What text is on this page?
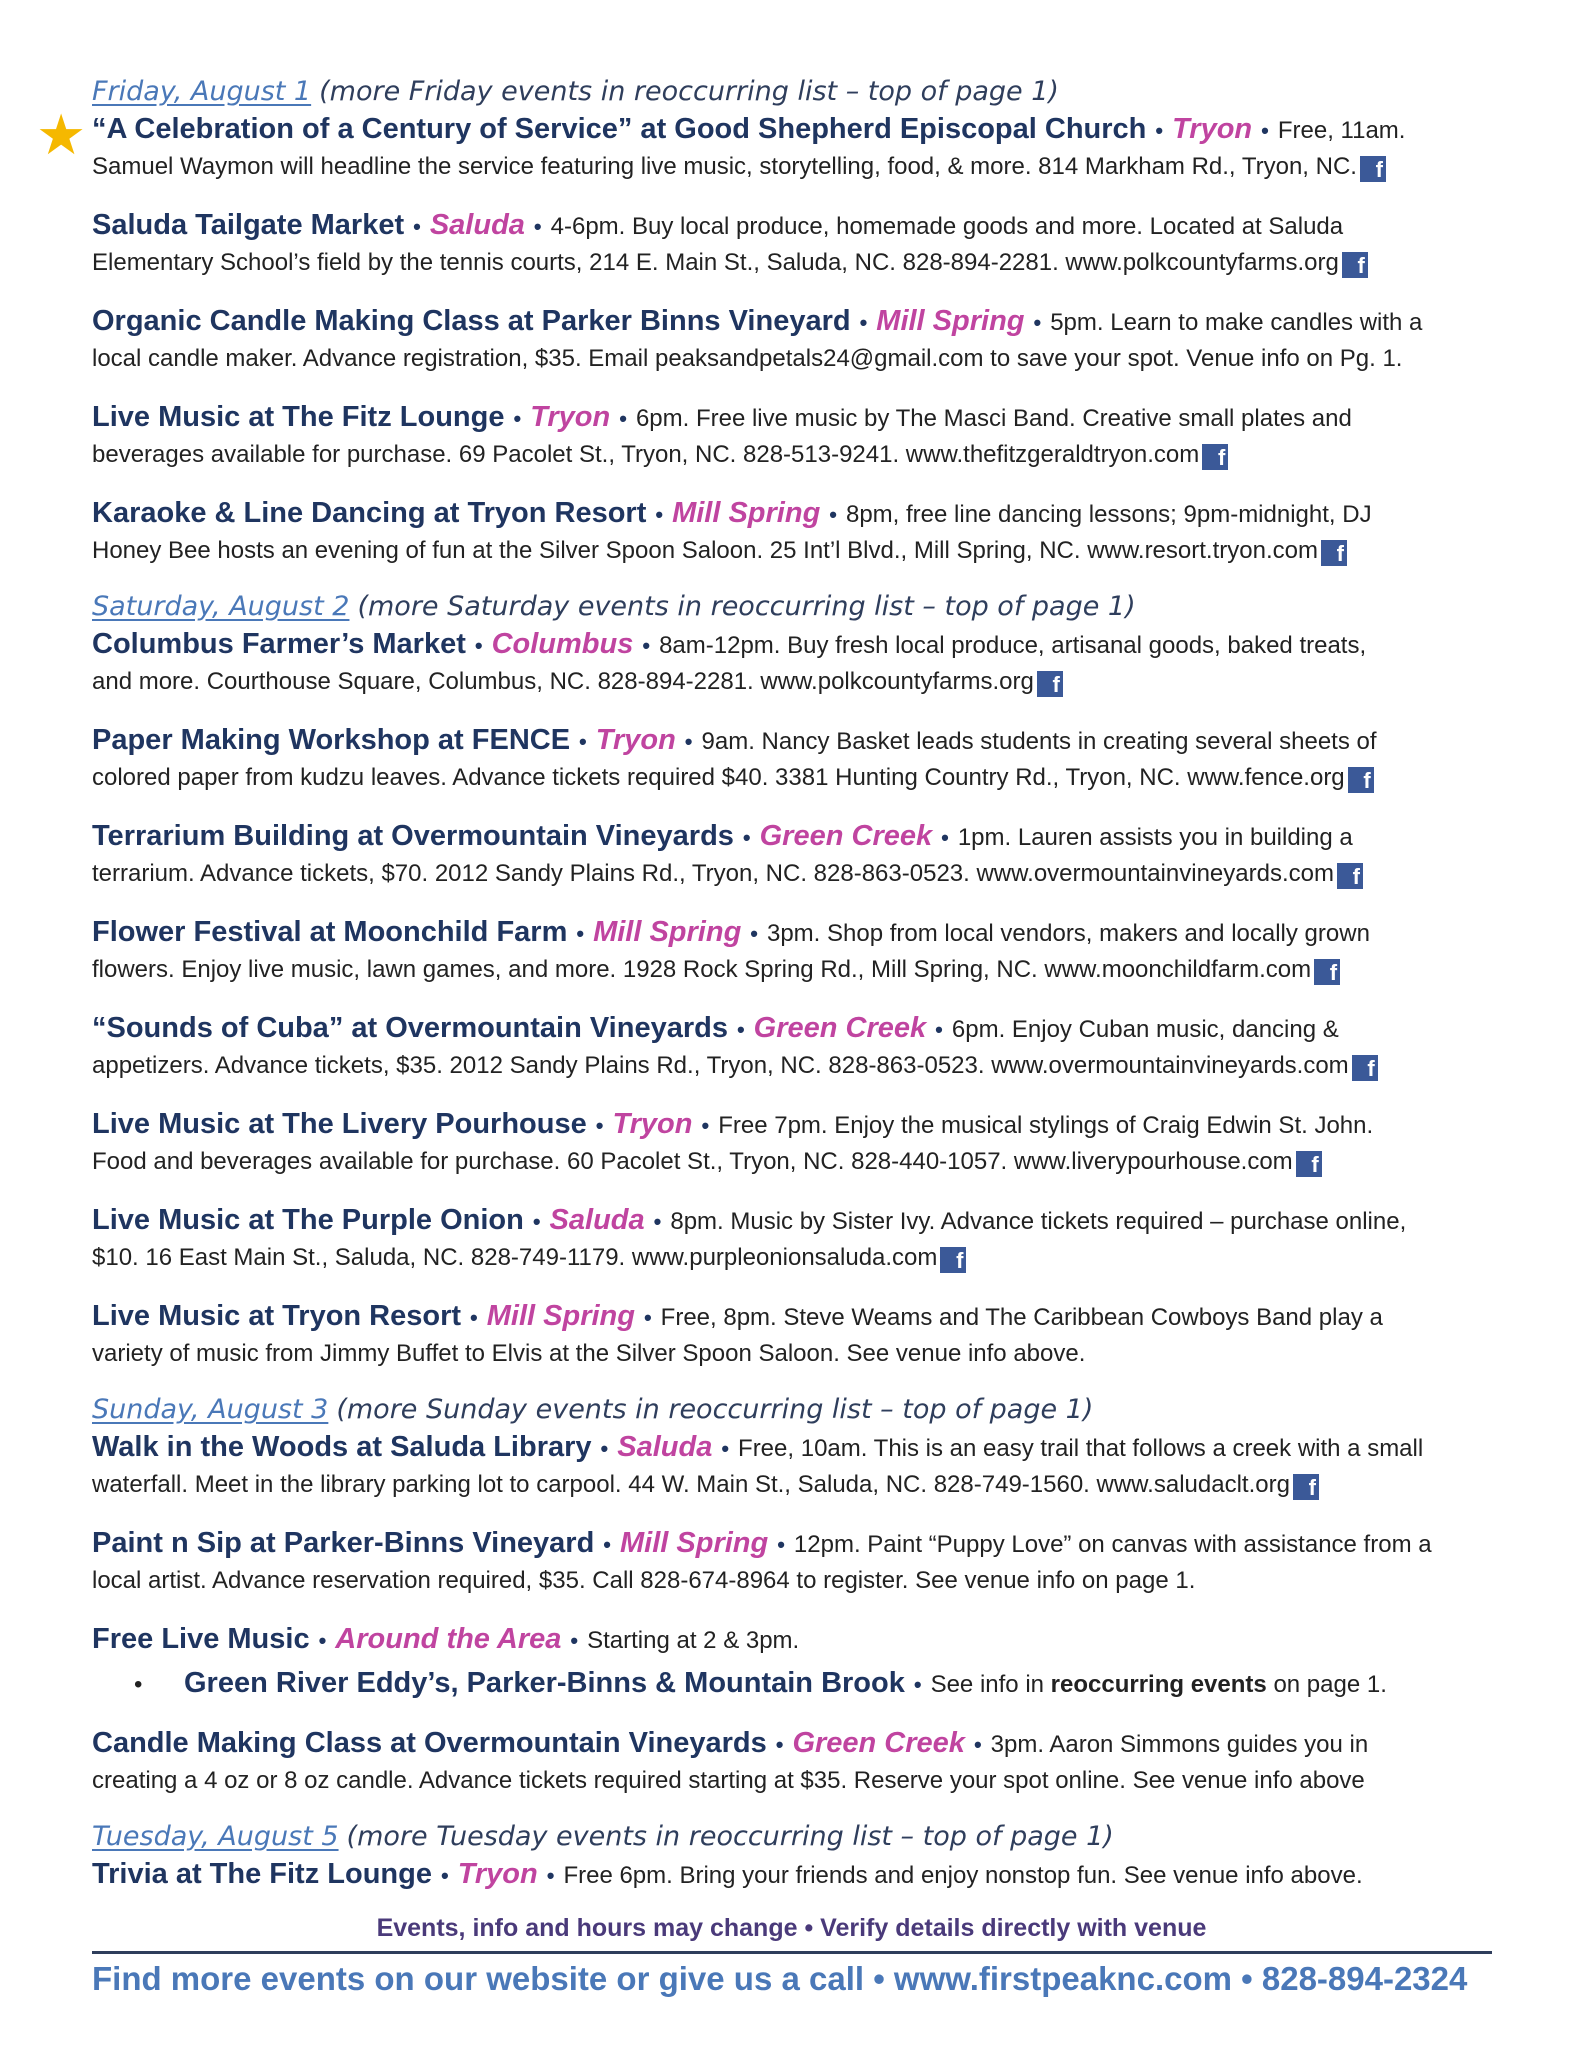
Friday, August 1 (more Friday events in reoccurring list – top of page 1)
★ “A Celebration of a Century of Service” at Good Shepherd Episcopal Church • Tryon • Free, 11am.
Samuel Waymon will headline the service featuring live music, storytelling, food, & more. 814 Markham Rd., Tryon, NC. f
Saluda Tailgate Market • Saluda • 4-6pm. Buy local produce, homemade goods and more. Located at Saluda
Elementary School’s field by the tennis courts, 214 E. Main St., Saluda, NC. 828-894-2281. www.polkcountyfarms.org f
Organic Candle Making Class at Parker Binns Vineyard • Mill Spring • 5pm. Learn to make candles with a
local candle maker. Advance registration, $35. Email peaksandpetals24@gmail.com to save your spot. Venue info on Pg. 1.
Live Music at The Fitz Lounge • Tryon • 6pm. Free live music by The Masci Band. Creative small plates and
beverages available for purchase. 69 Pacolet St., Tryon, NC. 828-513-9241. www.thefitzgeraldtryon.com f
Karaoke & Line Dancing at Tryon Resort • Mill Spring • 8pm, free line dancing lessons; 9pm-midnight, DJ
Honey Bee hosts an evening of fun at the Silver Spoon Saloon. 25 Int’l Blvd., Mill Spring, NC. www.resort.tryon.com f
Saturday, August 2 (more Saturday events in reoccurring list – top of page 1)
Columbus Farmer’s Market • Columbus • 8am-12pm. Buy fresh local produce, artisanal goods, baked treats,
and more. Courthouse Square, Columbus, NC. 828-894-2281. www.polkcountyfarms.org f
Paper Making Workshop at FENCE • Tryon • 9am. Nancy Basket leads students in creating several sheets of
colored paper from kudzu leaves. Advance tickets required $40. 3381 Hunting Country Rd., Tryon, NC. www.fence.org f
Terrarium Building at Overmountain Vineyards • Green Creek • 1pm. Lauren assists you in building a
terrarium. Advance tickets, $70. 2012 Sandy Plains Rd., Tryon, NC. 828-863-0523. www.overmountainvineyards.com f
Flower Festival at Moonchild Farm • Mill Spring • 3pm. Shop from local vendors, makers and locally grown
flowers. Enjoy live music, lawn games, and more. 1928 Rock Spring Rd., Mill Spring, NC. www.moonchildfarm.com f
“Sounds of Cuba” at Overmountain Vineyards • Green Creek • 6pm. Enjoy Cuban music, dancing &
appetizers. Advance tickets, $35. 2012 Sandy Plains Rd., Tryon, NC. 828-863-0523. www.overmountainvineyards.com f
Live Music at The Livery Pourhouse • Tryon • Free 7pm. Enjoy the musical stylings of Craig Edwin St. John.
Food and beverages available for purchase. 60 Pacolet St., Tryon, NC. 828-440-1057. www.liverypourhouse.com f
Live Music at The Purple Onion • Saluda • 8pm. Music by Sister Ivy. Advance tickets required – purchase online,
$10. 16 East Main St., Saluda, NC. 828-749-1179. www.purpleonionsaluda.com f
Live Music at Tryon Resort • Mill Spring • Free, 8pm. Steve Weams and The Caribbean Cowboys Band play a
variety of music from Jimmy Buffet to Elvis at the Silver Spoon Saloon. See venue info above.
Sunday, August 3 (more Sunday events in reoccurring list – top of page 1)
Walk in the Woods at Saluda Library • Saluda • Free, 10am. This is an easy trail that follows a creek with a small
waterfall. Meet in the library parking lot to carpool. 44 W. Main St., Saluda, NC. 828-749-1560. www.saludaclt.org f
Paint n Sip at Parker-Binns Vineyard • Mill Spring • 12pm. Paint “Puppy Love” on canvas with assistance from a
local artist. Advance reservation required, $35. Call 828-674-8964 to register. See venue info on page 1.
Free Live Music • Around the Area • Starting at 2 & 3pm.
• Green River Eddy’s, Parker-Binns & Mountain Brook • See info in reoccurring events on page 1.
Candle Making Class at Overmountain Vineyards • Green Creek • 3pm. Aaron Simmons guides you in
creating a 4 oz or 8 oz candle. Advance tickets required starting at $35. Reserve your spot online. See venue info above
Tuesday, August 5 (more Tuesday events in reoccurring list – top of page 1)
Trivia at The Fitz Lounge • Tryon • Free 6pm. Bring your friends and enjoy nonstop fun. See venue info above.
Events, info and hours may change • Verify details directly with venue
Find more events on our website or give us a call • www.firstpeaknc.com • 828-894-2324
